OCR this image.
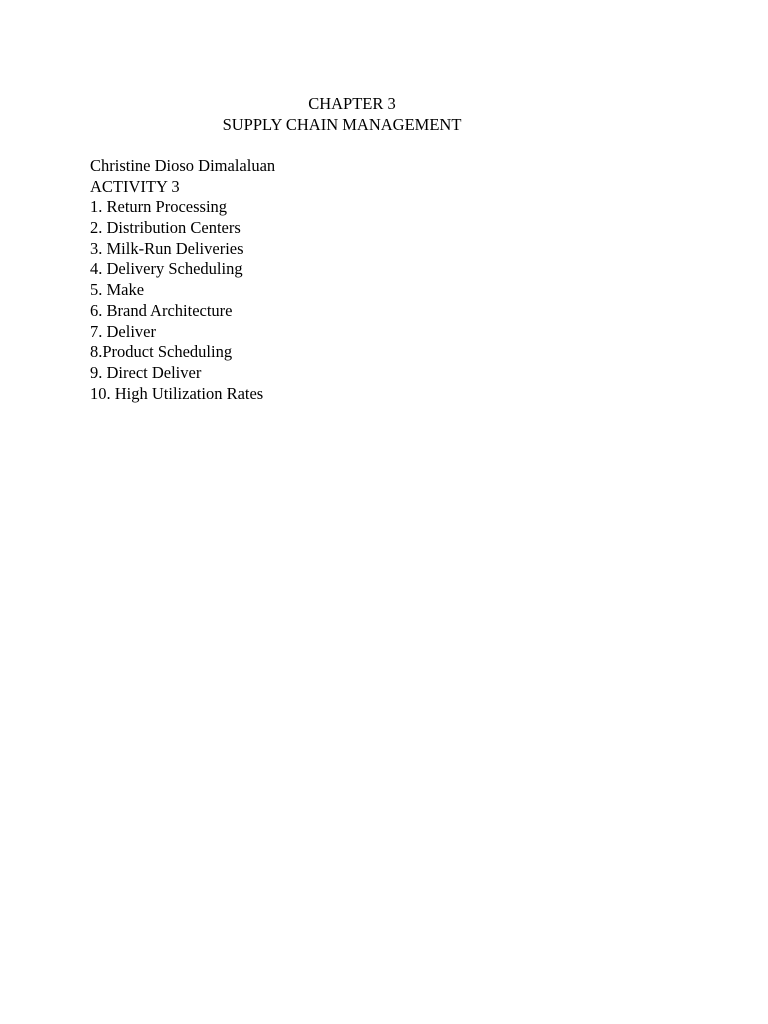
CHAPTER 3
SUPPLY CHAIN MANAGEMENT
Christine Dioso Dimalaluan
ACTIVITY 3
1. Return Processing
2. Distribution Centers
3. Milk-Run Deliveries
4. Delivery Scheduling
5. Make
6. Brand Architecture
7. Deliver
8.Product Scheduling
9. Direct Deliver
10. High Utilization Rates
